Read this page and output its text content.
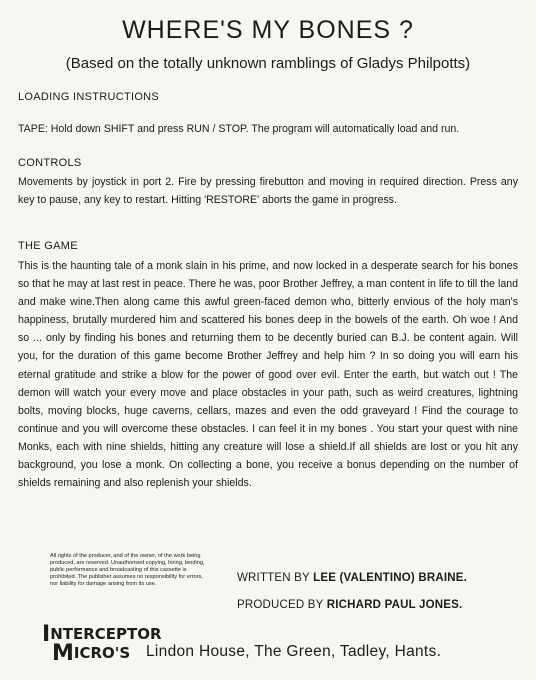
WHERE'S MY BONES ?

(Based on the totally unknown ramblings of Gladys Philpotts)

LOADING INSTRUCTIONS

TAPE: Hold down SHIFT and press RUN / STOP. The program will automatically load and run.

CONTROLS

Movements by joystick in port 2. Fire by pressing firebutton and moving in required direction. Press any key to pause, any key to restart. Hitting 'RESTORE' aborts the game in progress.

THE GAME

This is the haunting tale of a monk slain in his prime, and now locked in a desperate search for his bones so that he may at last rest in peace. There he was, poor Brother Jeffrey, a man content in life to till the land and make wine.Then along came this awful green-faced demon who, bitterly envious of the holy man's happiness, brutally murdered him and scattered his bones deep in the bowels of the earth. Oh woe ! And so ... only by finding his bones and returning them to be decently buried can B.J. be content again. Will you, for the duration of this game become Brother Jeffrey and help him ? In so doing you will earn his eternal gratitude and strike a blow for the power of good over evil. Enter the earth, but watch out ! The demon will watch your every move and place obstacles in your path, such as weird creatures, lightning bolts, moving blocks, huge caverns, cellars, mazes and even the odd graveyard ! Find the courage to continue and you will overcome these obstacles. I can feel it in my bones . You start your quest with nine Monks, each with nine shields, hitting any creature will lose a shield.If all shields are lost or you hit any background, you lose a monk. On collecting a bone, you receive a bonus depending on the number of shields remaining and also replenish your shields.

All rights of the producer, and of the owner, of the work being produced, are reserved. Unauthorised copying, hiring, lending, public performance and broadcasting of this cassette is prohibited. The publisher assumes no responsibility for errors, nor liability for damage arising from its use.	WRITTEN BY LEE (VALENTINO) BRAINE.
PRODUCED BY RICHARD PAUL JONES.
INTERCEPTOR
MICRO'S	Lindon House, The Green, Tadley, Hants.
